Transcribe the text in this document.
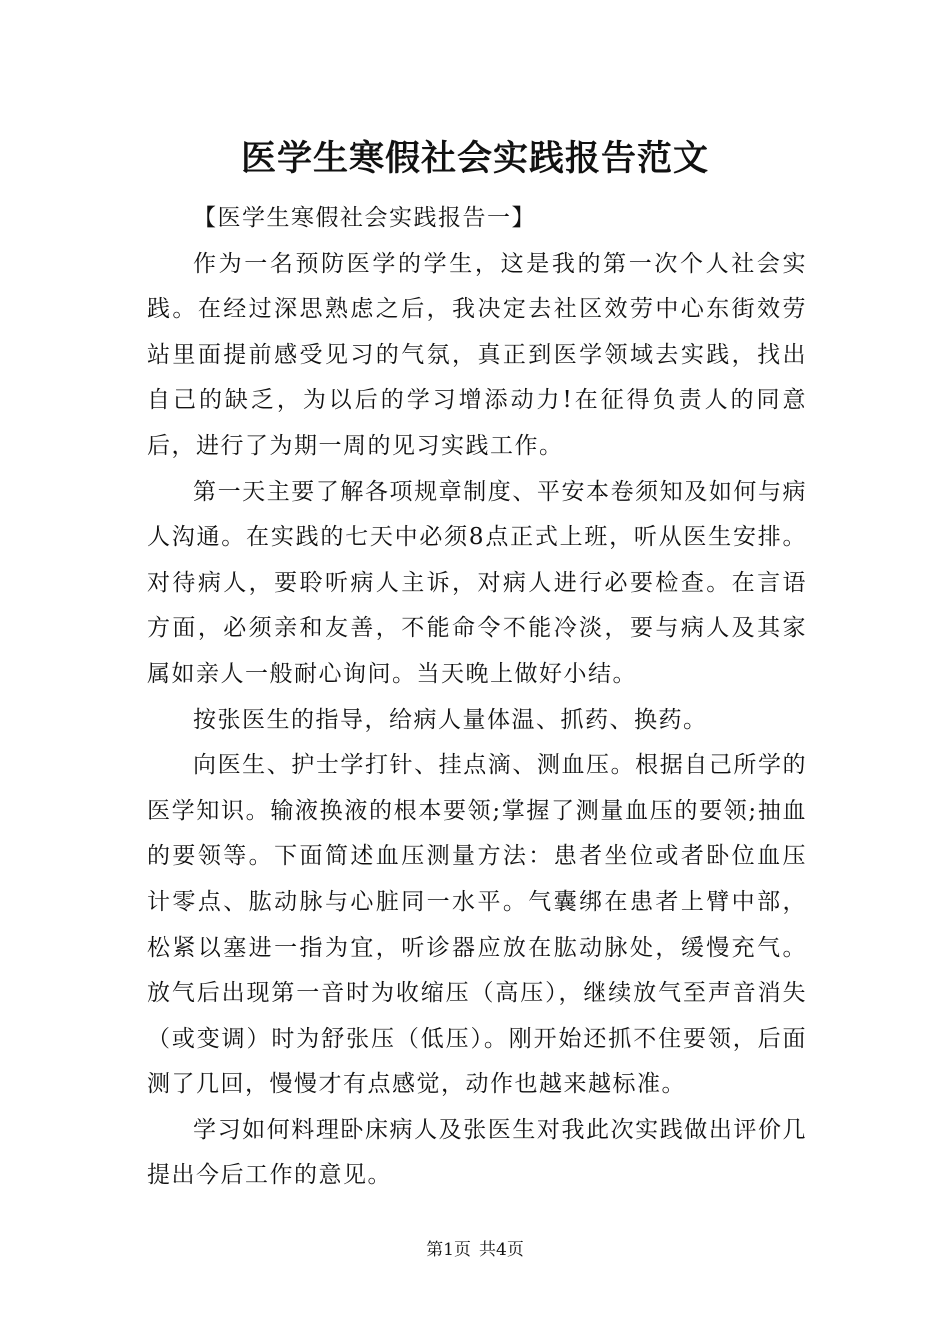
医学生寒假社会实践报告范文

【医学生寒假社会实践报告一】

作为一名预防医学的学生，这是我的第一次个人社会实践。在经过深思熟虑之后，我决定去社区效劳中心东街效劳站里面提前感受见习的气氛，真正到医学领域去实践，找出自己的缺乏，为以后的学习增添动力!在征得负责人的同意后，进行了为期一周的见习实践工作。

第一天主要了解各项规章制度、平安本卷须知及如何与病人沟通。在实践的七天中必须8点正式上班，听从医生安排。对待病人，要聆听病人主诉，对病人进行必要检查。在言语方面，必须亲和友善，不能命令不能冷淡，要与病人及其家属如亲人一般耐心询问。当天晚上做好小结。

按张医生的指导，给病人量体温、抓药、换药。

向医生、护士学打针、挂点滴、测血压。根据自己所学的医学知识。输液换液的根本要领;掌握了测量血压的要领;抽血的要领等。下面简述血压测量方法：患者坐位或者卧位血压计零点、肱动脉与心脏同一水平。气囊绑在患者上臂中部，松紧以塞进一指为宜，听诊器应放在肱动脉处，缓慢充气。放气后出现第一音时为收缩压（高压），继续放气至声音消失（或变调）时为舒张压（低压）。刚开始还抓不住要领，后面测了几回，慢慢才有点感觉，动作也越来越标准。

学习如何料理卧床病人及张医生对我此次实践做出评价几提出今后工作的意见。

第1页 共4页
